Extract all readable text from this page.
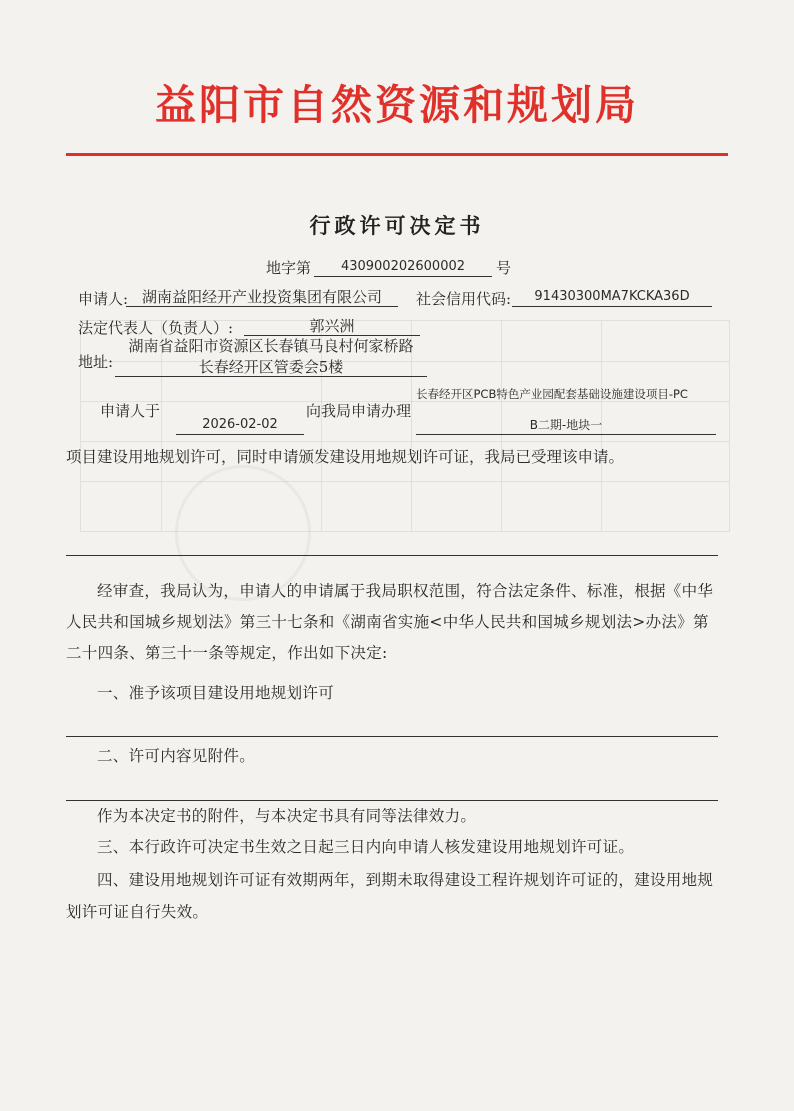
益阳市自然资源和规划局
行政许可决定书
地字第	430900202600002	号
申请人: 湖南益阳经开产业投资集团有限公司	社会信用代码:	91430300MA7KCKA36D
法定代表人（负责人）:	郭兴洲
地址:
湖南省益阳市资源区长春镇马良村何家桥路
长春经开区管委会5楼
申请人于
2026-02-02
向我局申请办理
长春经开区PCB特色产业园配套基础设施建设项目-PC
B二期-地块一
项目建设用地规划许可，同时申请颁发建设用地规划许可证，我局已受理该申请。
经审查，我局认为，申请人的申请属于我局职权范围，符合法定条件、标准，根据《中华人民共和国城乡规划法》第三十七条和《湖南省实施<中华人民共和国城乡规划法>办法》第二十四条、第三十一条等规定，作出如下决定:
一、准予该项目建设用地规划许可
二、许可内容见附件。
作为本决定书的附件，与本决定书具有同等法律效力。
三、本行政许可决定书生效之日起三日内向申请人核发建设用地规划许可证。
四、建设用地规划许可证有效期两年，到期未取得建设工程许规划许可证的，建设用地规划许可证自行失效。
